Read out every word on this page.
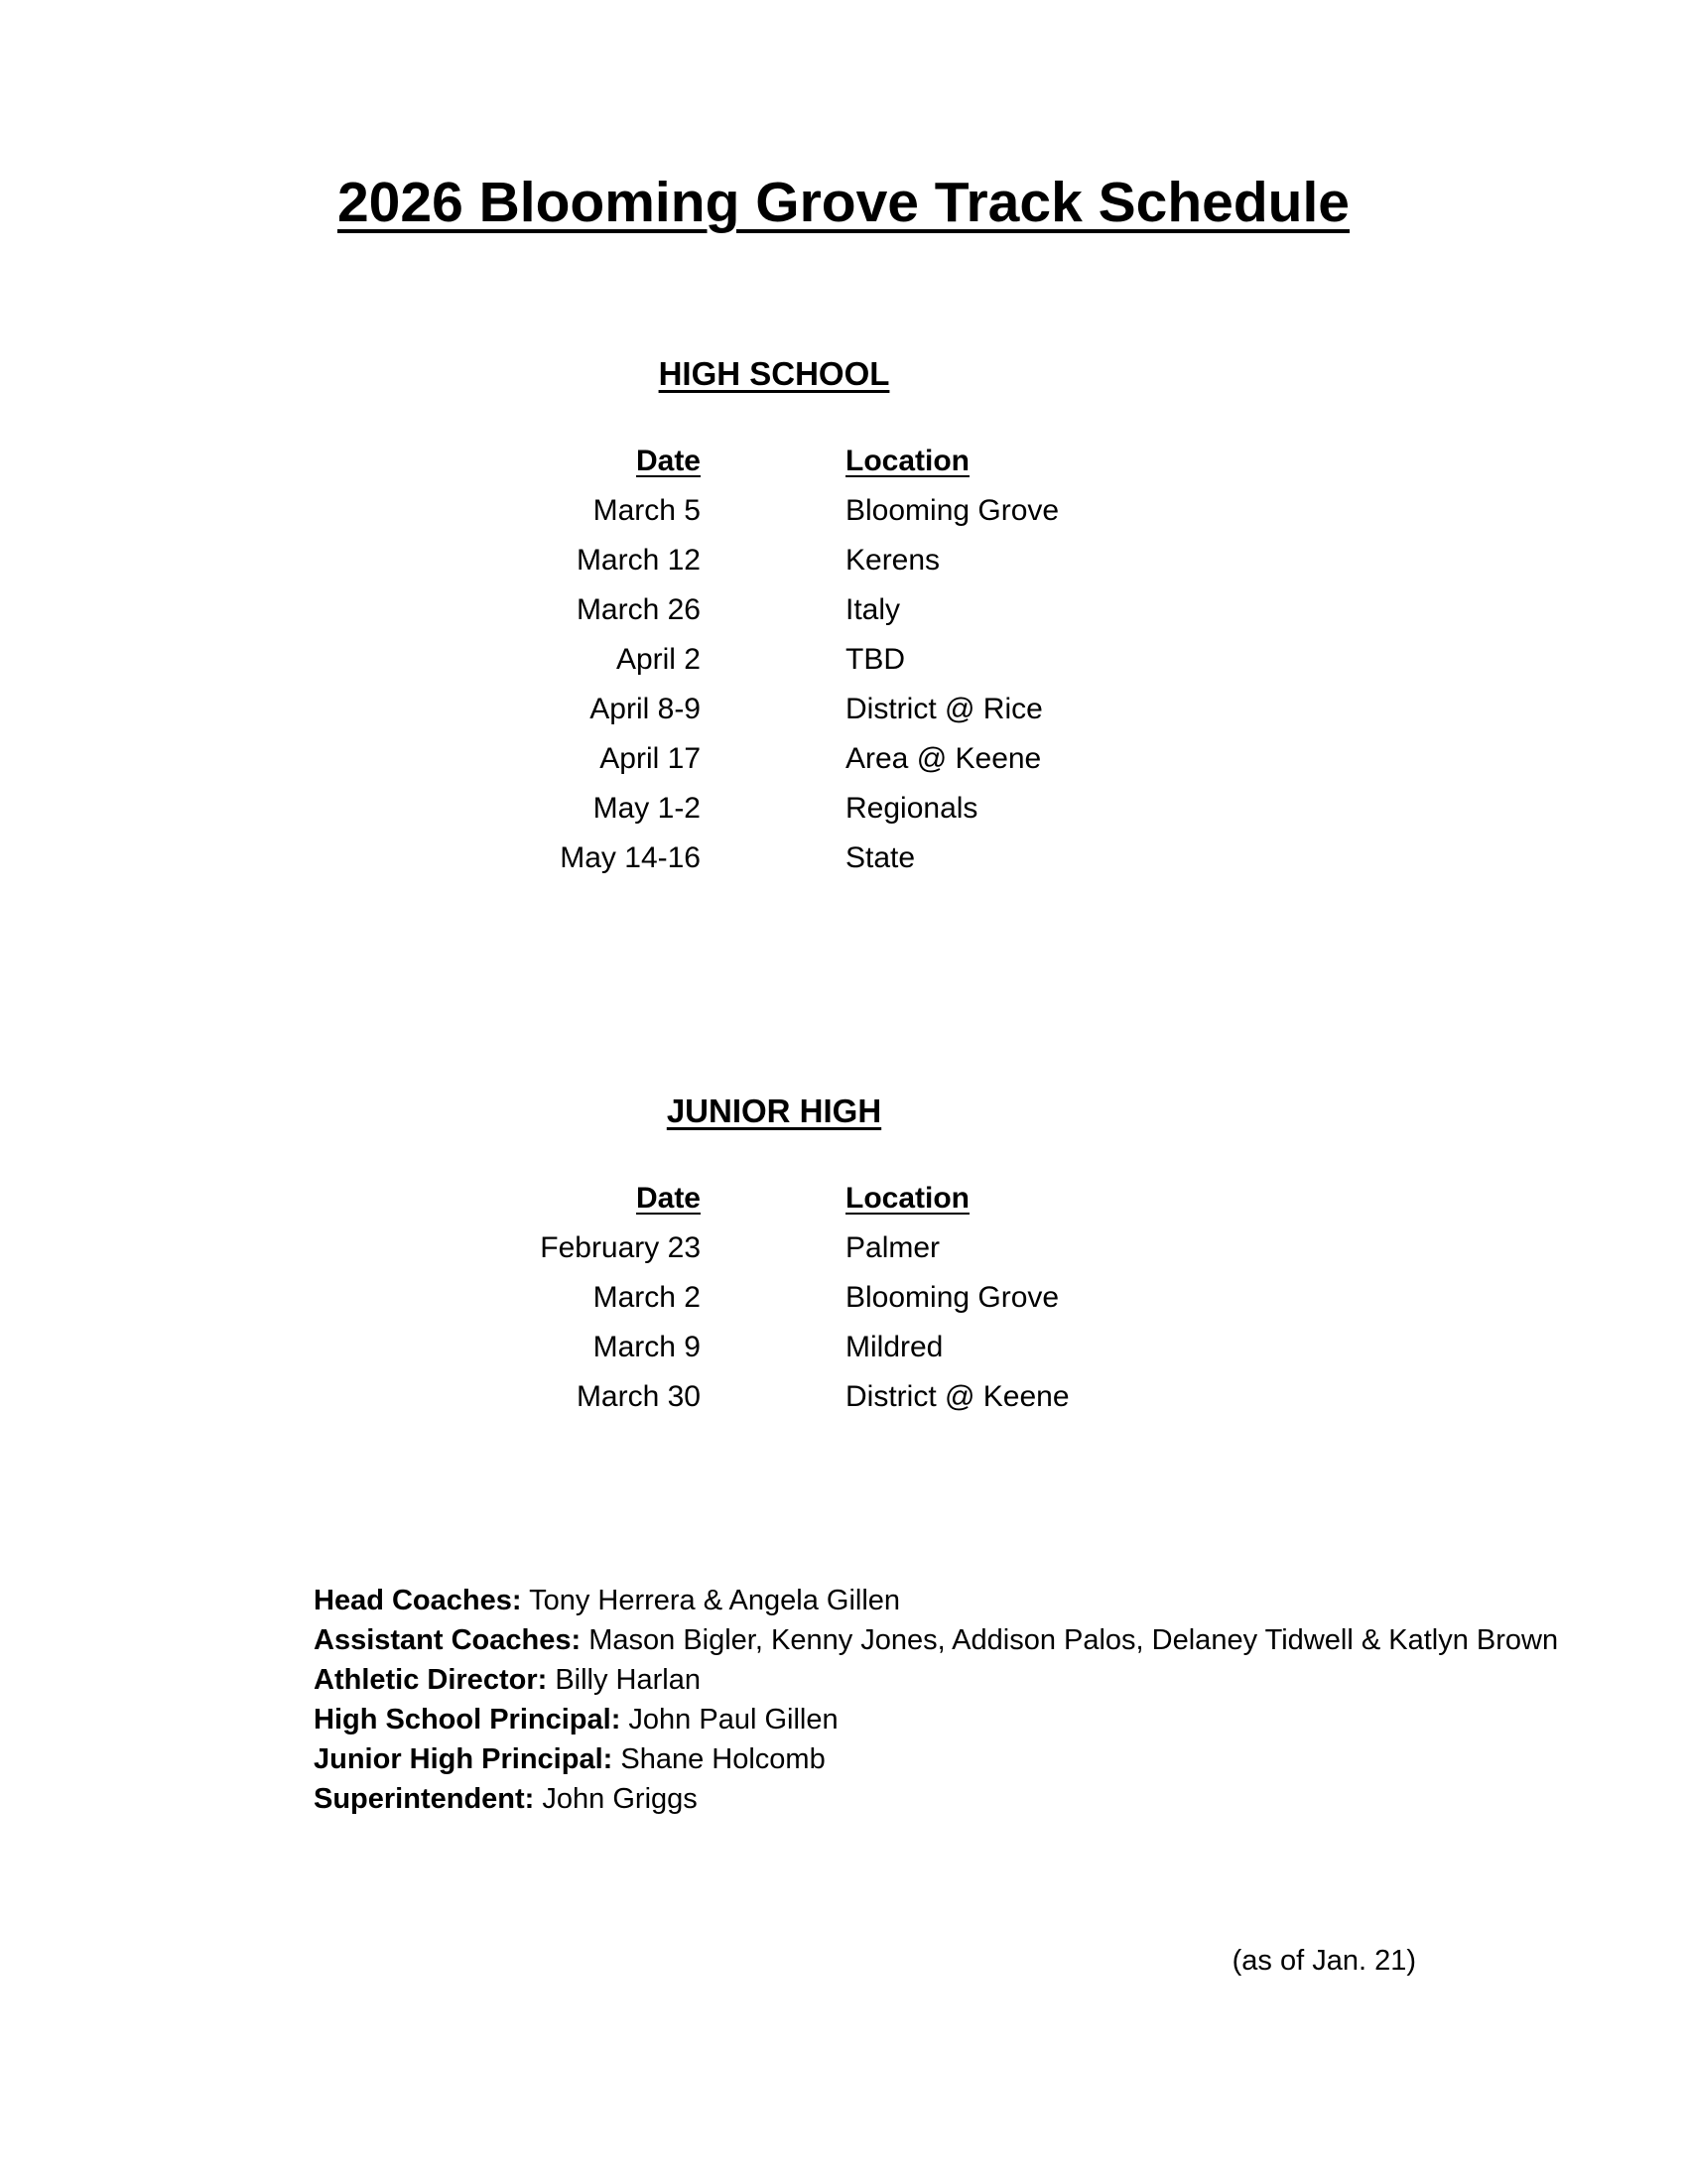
2026 Blooming Grove Track Schedule
HIGH SCHOOL
Date	Location
March 5	Blooming Grove
March 12	Kerens
March 26	Italy
April 2	TBD
April 8-9	District @ Rice
April 17	Area @ Keene
May 1-2	Regionals
May 14-16	State
JUNIOR HIGH
Date	Location
February 23	Palmer
March 2	Blooming Grove
March 9	Mildred
March 30	District @ Keene

Head Coaches: Tony Herrera & Angela Gillen

Assistant Coaches: Mason Bigler, Kenny Jones, Addison Palos, Delaney Tidwell & Katlyn Brown

Athletic Director: Billy Harlan

High School Principal: John Paul Gillen

Junior High Principal: Shane Holcomb

Superintendent: John Griggs

(as of Jan. 21)
